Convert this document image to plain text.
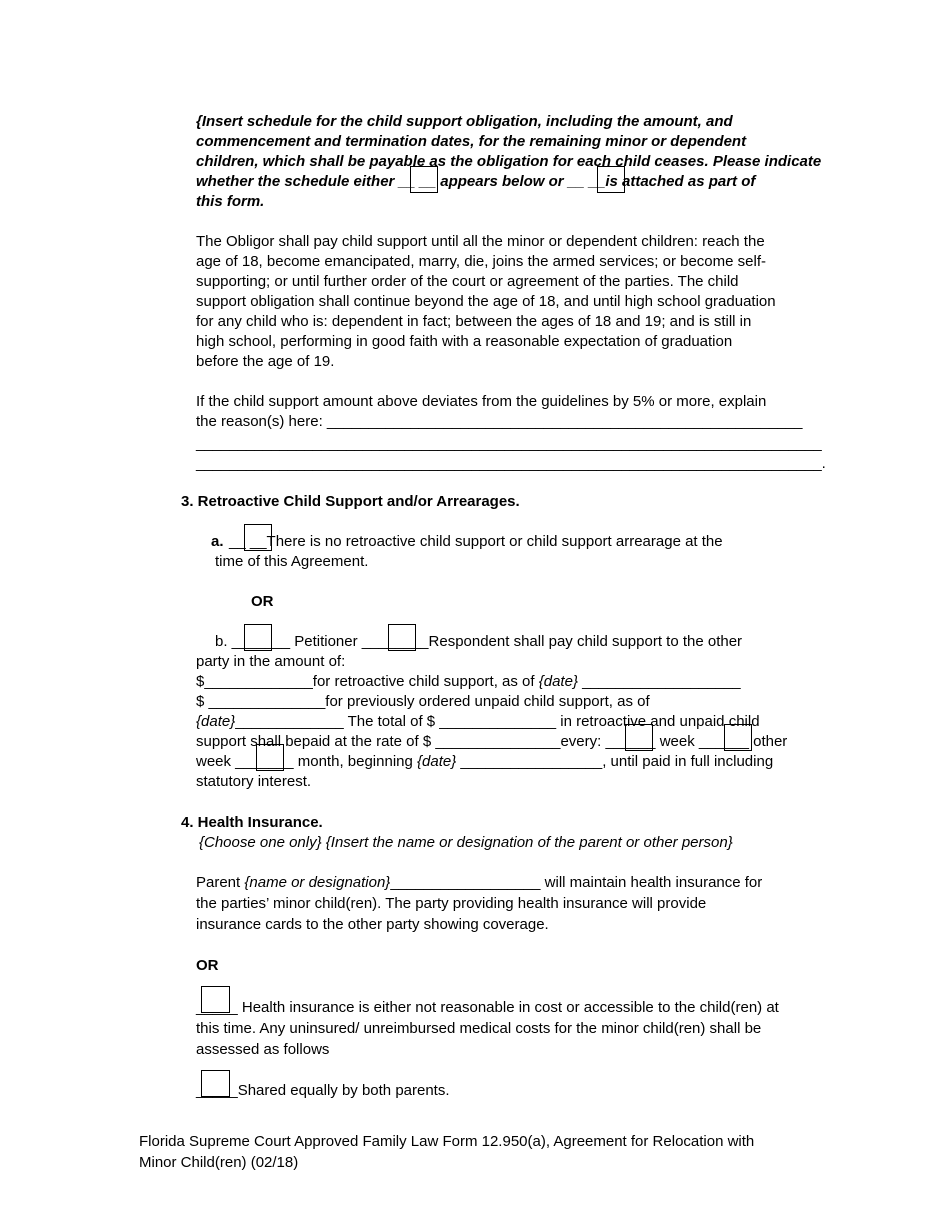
{Insert schedule for the child support obligation, including the amount, and
commencement and termination dates, for the remaining minor or dependent
children, which shall be payable as the obligation for each child ceases. Please indicate
whether the schedule either __ __ appears below or __ __is attached as part of
this form.
The Obligor shall pay child support until all the minor or dependent children: reach the
age of 18, become emancipated, marry, die, joins the armed services; or become self-
supporting; or until further order of the court or agreement of the parties. The child
support obligation shall continue beyond the age of 18, and until high school graduation
for any child who is: dependent in fact; between the ages of 18 and 19; and is still in
high school, performing in good faith with a reasonable expectation of graduation
before the age of 19.
If the child support amount above deviates from the guidelines by 5% or more, explain
the reason(s) here: _________________________________________________________
___________________________________________________________________________
___________________________________________________________________________.
3. Retroactive Child Support and/or Arrearages.
a. __ __There is no retroactive child support or child support arrearage at the
time of this Agreement.
OR
b. _______ Petitioner ________Respondent shall pay child support to the other
party in the amount of:
$_____________for retroactive child support, as of {date} ___________________
$ ______________for previously ordered unpaid child support, as of
{date}_____________ The total of $ ______________ in retroactive and unpaid child
support shall bepaid at the rate of $ _______________every: ______ week ______ other
week _______ month, beginning {date} _________________, until paid in full including
statutory interest.
4. Health Insurance.
{Choose one only} {Insert the name or designation of the parent or other person}
Parent {name or designation}__________________ will maintain health insurance for
the parties’ minor child(ren). The party providing health insurance will provide
insurance cards to the other party showing coverage.
OR
_____ Health insurance is either not reasonable in cost or accessible to the child(ren) at
this time. Any uninsured/ unreimbursed medical costs for the minor child(ren) shall be
assessed as follows
_____Shared equally by both parents.
Florida Supreme Court Approved Family Law Form 12.950(a), Agreement for Relocation with
Minor Child(ren) (02/18)
